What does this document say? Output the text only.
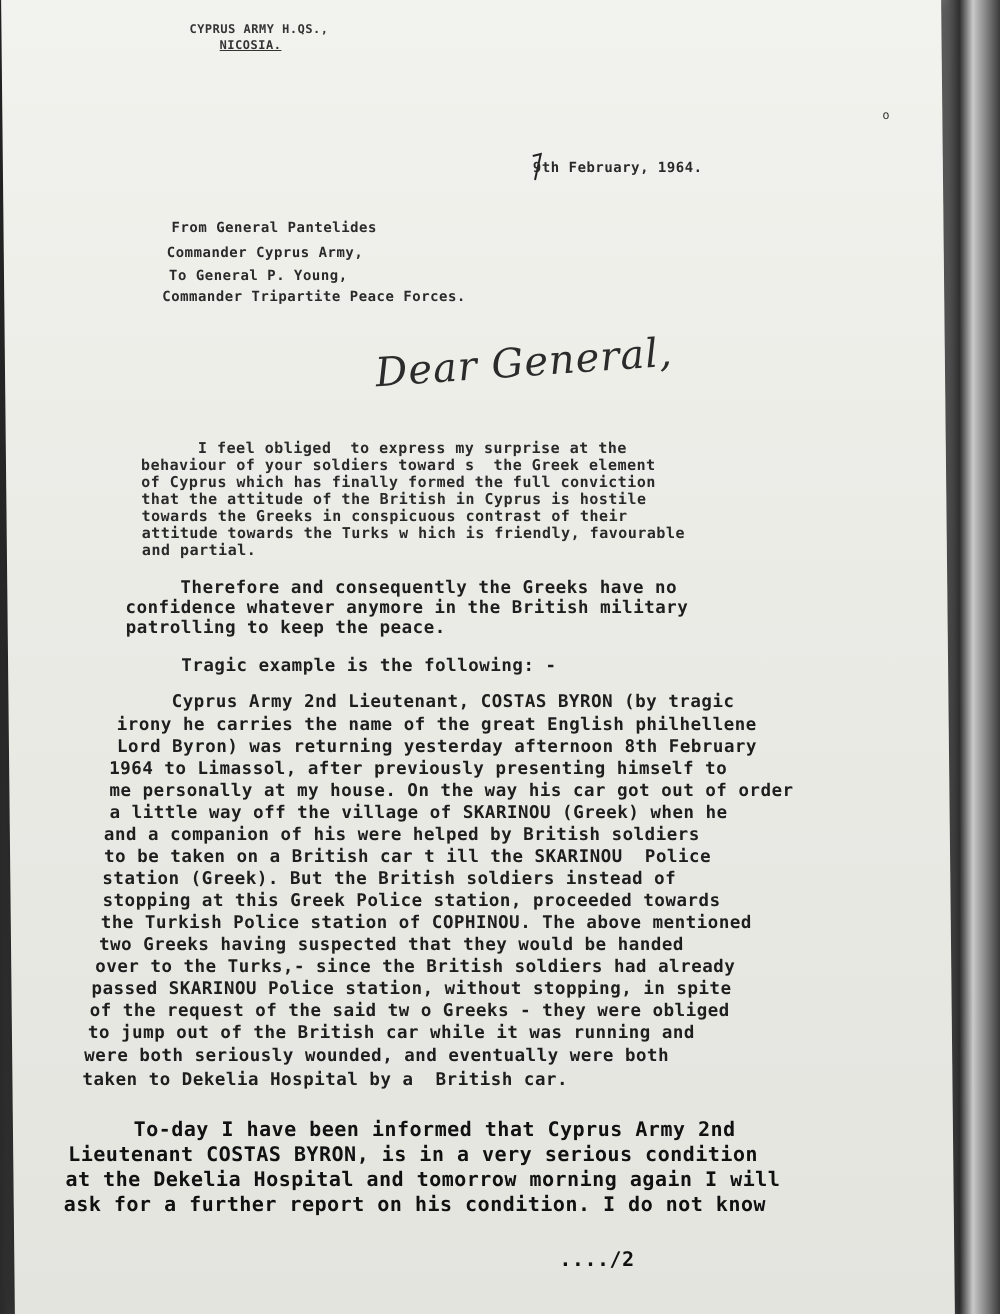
CYPRUS ARMY H.QS.,
NICOSIA.
o
9th February, 1964.
From General Pantelides
Commander Cyprus Army,
To General P. Young,
Commander Tripartite Peace Forces.
Dear General,
I feel obliged  to express my surprise at the
behaviour of your soldiers toward s  the Greek element
of Cyprus which has finally formed the full conviction
that the attitude of the British in Cyprus is hostile
towards the Greeks in conspicuous contrast of their
attitude towards the Turks w hich is friendly, favourable
and partial.
Therefore and consequently the Greeks have no
confidence whatever anymore in the British military
patrolling to keep the peace.
Tragic example is the following: -
Cyprus Army 2nd Lieutenant, COSTAS BYRON (by tragic
irony he carries the name of the great English philhellene
Lord Byron) was returning yesterday afternoon 8th February
1964 to Limassol, after previously presenting himself to
me personally at my house. On the way his car got out of order
a little way off the village of SKARINOU (Greek) when he
and a companion of his were helped by British soldiers
to be taken on a British car t ill the SKARINOU  Police
station (Greek). But the British soldiers instead of
stopping at this Greek Police station, proceeded towards
the Turkish Police station of COPHINOU. The above mentioned
two Greeks having suspected that they would be handed
over to the Turks,- since the British soldiers had already
passed SKARINOU Police station, without stopping, in spite
of the request of the said tw o Greeks - they were obliged
to jump out of the British car while it was running and
were both seriously wounded, and eventually were both
taken to Dekelia Hospital by a  British car.
To-day I have been informed that Cyprus Army 2nd
Lieutenant COSTAS BYRON, is in a very serious condition
at the Dekelia Hospital and tomorrow morning again I will
ask for a further report on his condition. I do not know
..../2
